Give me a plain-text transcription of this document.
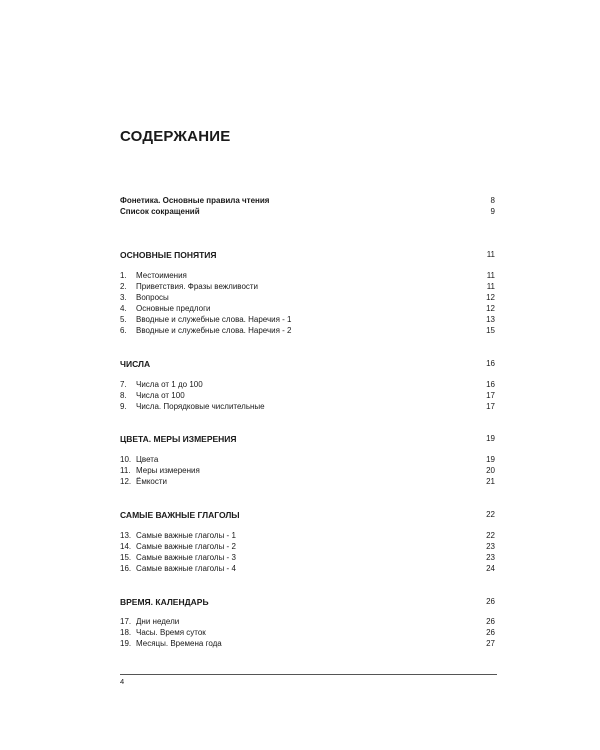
СОДЕРЖАНИЕ
Фонетика. Основные правила чтения	8
Список сокращений	9
ОСНОВНЫЕ ПОНЯТИЯ	11
1.	Местоимения	11
2.	Приветствия. Фразы вежливости	11
3.	Вопросы	12
4.	Основные предлоги	12
5.	Вводные и служебные слова. Наречия - 1	13
6.	Вводные и служебные слова. Наречия - 2	15
ЧИСЛА	16
7.	Числа от 1 до 100	16
8.	Числа от 100	17
9.	Числа. Порядковые числительные	17
ЦВЕТА. МЕРЫ ИЗМЕРЕНИЯ	19
10. Цвета	19
11. Меры измерения	20
12. Ёмкости	21
САМЫЕ ВАЖНЫЕ ГЛАГОЛЫ	22
13. Самые важные глаголы - 1	22
14. Самые важные глаголы - 2	23
15. Самые важные глаголы - 3	23
16. Самые важные глаголы - 4	24
ВРЕМЯ. КАЛЕНДАРЬ	26
17. Дни недели	26
18. Часы. Время суток	26
19. Месяцы. Времена года	27
4
